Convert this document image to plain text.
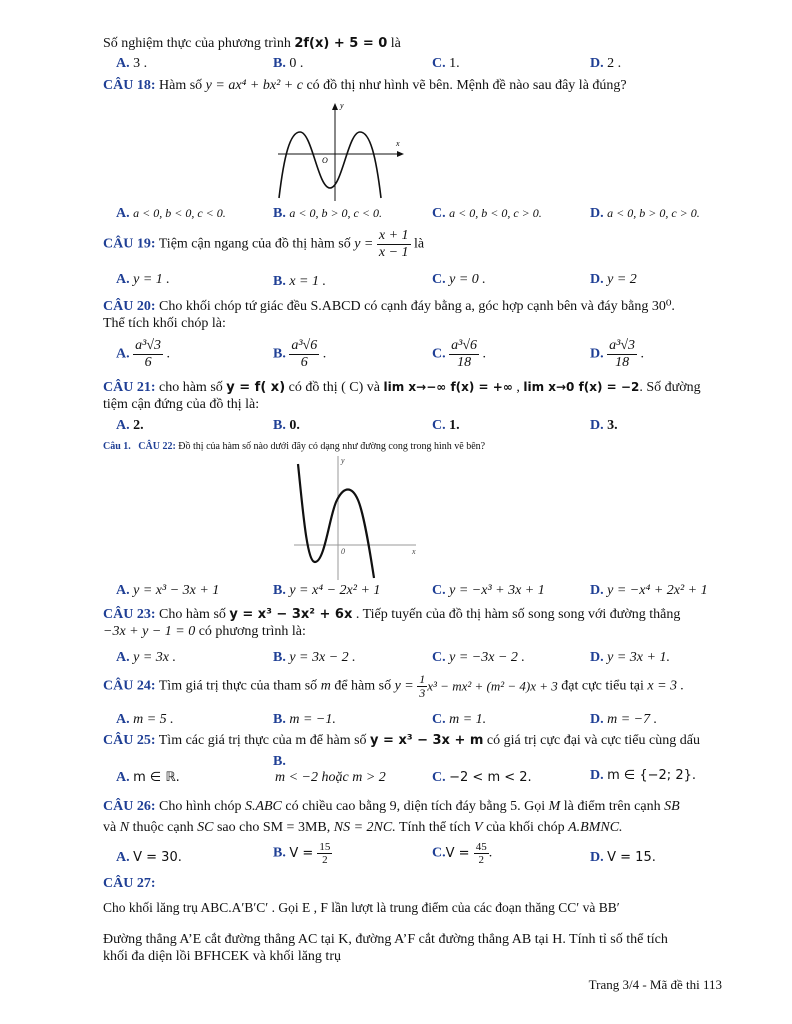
Số nghiệm thực của phương trình 2f(x) + 5 = 0 là
A. 3 .	B. 0 .	C. 1.	D. 2 .
CÂU 18: Hàm số y = ax⁴ + bx² + c có đồ thị như hình vẽ bên. Mệnh đề nào sau đây là đúng?
y
x
O
A. a < 0, b < 0, c < 0.	B. a < 0, b > 0, c < 0.	C. a < 0, b < 0, c > 0.	D. a < 0, b > 0, c > 0.
CÂU 19: Tiệm cận ngang của đồ thị hàm số $y = \frac{x + 1}{x - 1}$ là
A. y = 1 .	B. x = 1 .	C. y = 0 .	D. y = 2
CÂU 20: Cho khối chóp tứ giác đều S.ABCD có cạnh đáy bằng a, góc hợp cạnh bên và đáy bằng 30⁰.
Thể tích khối chóp là:
A. $\frac{\text{a³√3}}{6}$ .	B. $\frac{\text{a³√6}}{6}$ .	C. $\frac{\text{a³√6}}{18}$ .	D. $\frac{\text{a³√3}}{18}$ .
CÂU 21: cho hàm số y = f( x) có đồ thị ( C) và lim x→−∞ f(x) = +∞ , lim x→0 f(x) = −2. Số đường
tiệm cận đứng của đồ thị là:
A. 2.	B. 0.	C. 1.	D. 3.
Câu 1. CÂU 22: Đồ thị của hàm số nào dưới đây có dạng như đường cong trong hình vẽ bên?
y
x
0
A. y = x³ − 3x + 1	B. y = x⁴ − 2x² + 1	C. y = −x³ + 3x + 1	D. y = −x⁴ + 2x² + 1
CÂU 23: Cho hàm số y = x³ − 3x² + 6x . Tiếp tuyến của đồ thị hàm số song song với đường thẳng
−3x + y − 1 = 0 có phương trình là:
A. y = 3x .	B. y = 3x − 2 .	C. y = −3x − 2 .	D. y = 3x + 1.
CÂU 24: Tìm giá trị thực của tham số m để hàm số $y = \frac{1}{3} x^3 - mx^2 + (m^2 - 4)x + 3$ đạt cực tiểu tại x = 3 .
A. m = 5 .	B. m = −1.	C. m = 1.	D. m = −7 .
CÂU 25: Tìm các giá trị thực của m để hàm số y = x³ − 3x + m có giá trị cực đại và cực tiểu cùng dấu
A. m ∈ ℝ.
B.
m < −2 hoặc m > 2	C. −2 < m < 2.	D. m ∈ {−2; 2}.
CÂU 26: Cho hình chóp S.ABC có chiều cao bằng 9, diện tích đáy bằng 5. Gọi M là điểm trên cạnh SB
và N thuộc cạnh SC sao cho SM = 3MB, NS = 2NC. Tính thể tích V của khối chóp A.BMNC.
A. V = 30.	B. $V = \frac{15}{2}$	$C.V = \frac{45}{2}$ .	D. V = 15.
CÂU 27:
Cho khối lăng trụ ABC.A′B′C′ . Gọi E , F lần lượt là trung điểm của các đoạn thăng CC′ và BB′
Đường thẳng A’E cắt đường thẳng AC tại K, đường A’F cắt đường thẳng AB tại H. Tính tỉ số thể tích
khối đa diện lồi BFHCEK và khối lăng trụ
Trang 3/4 - Mã đề thi 113
